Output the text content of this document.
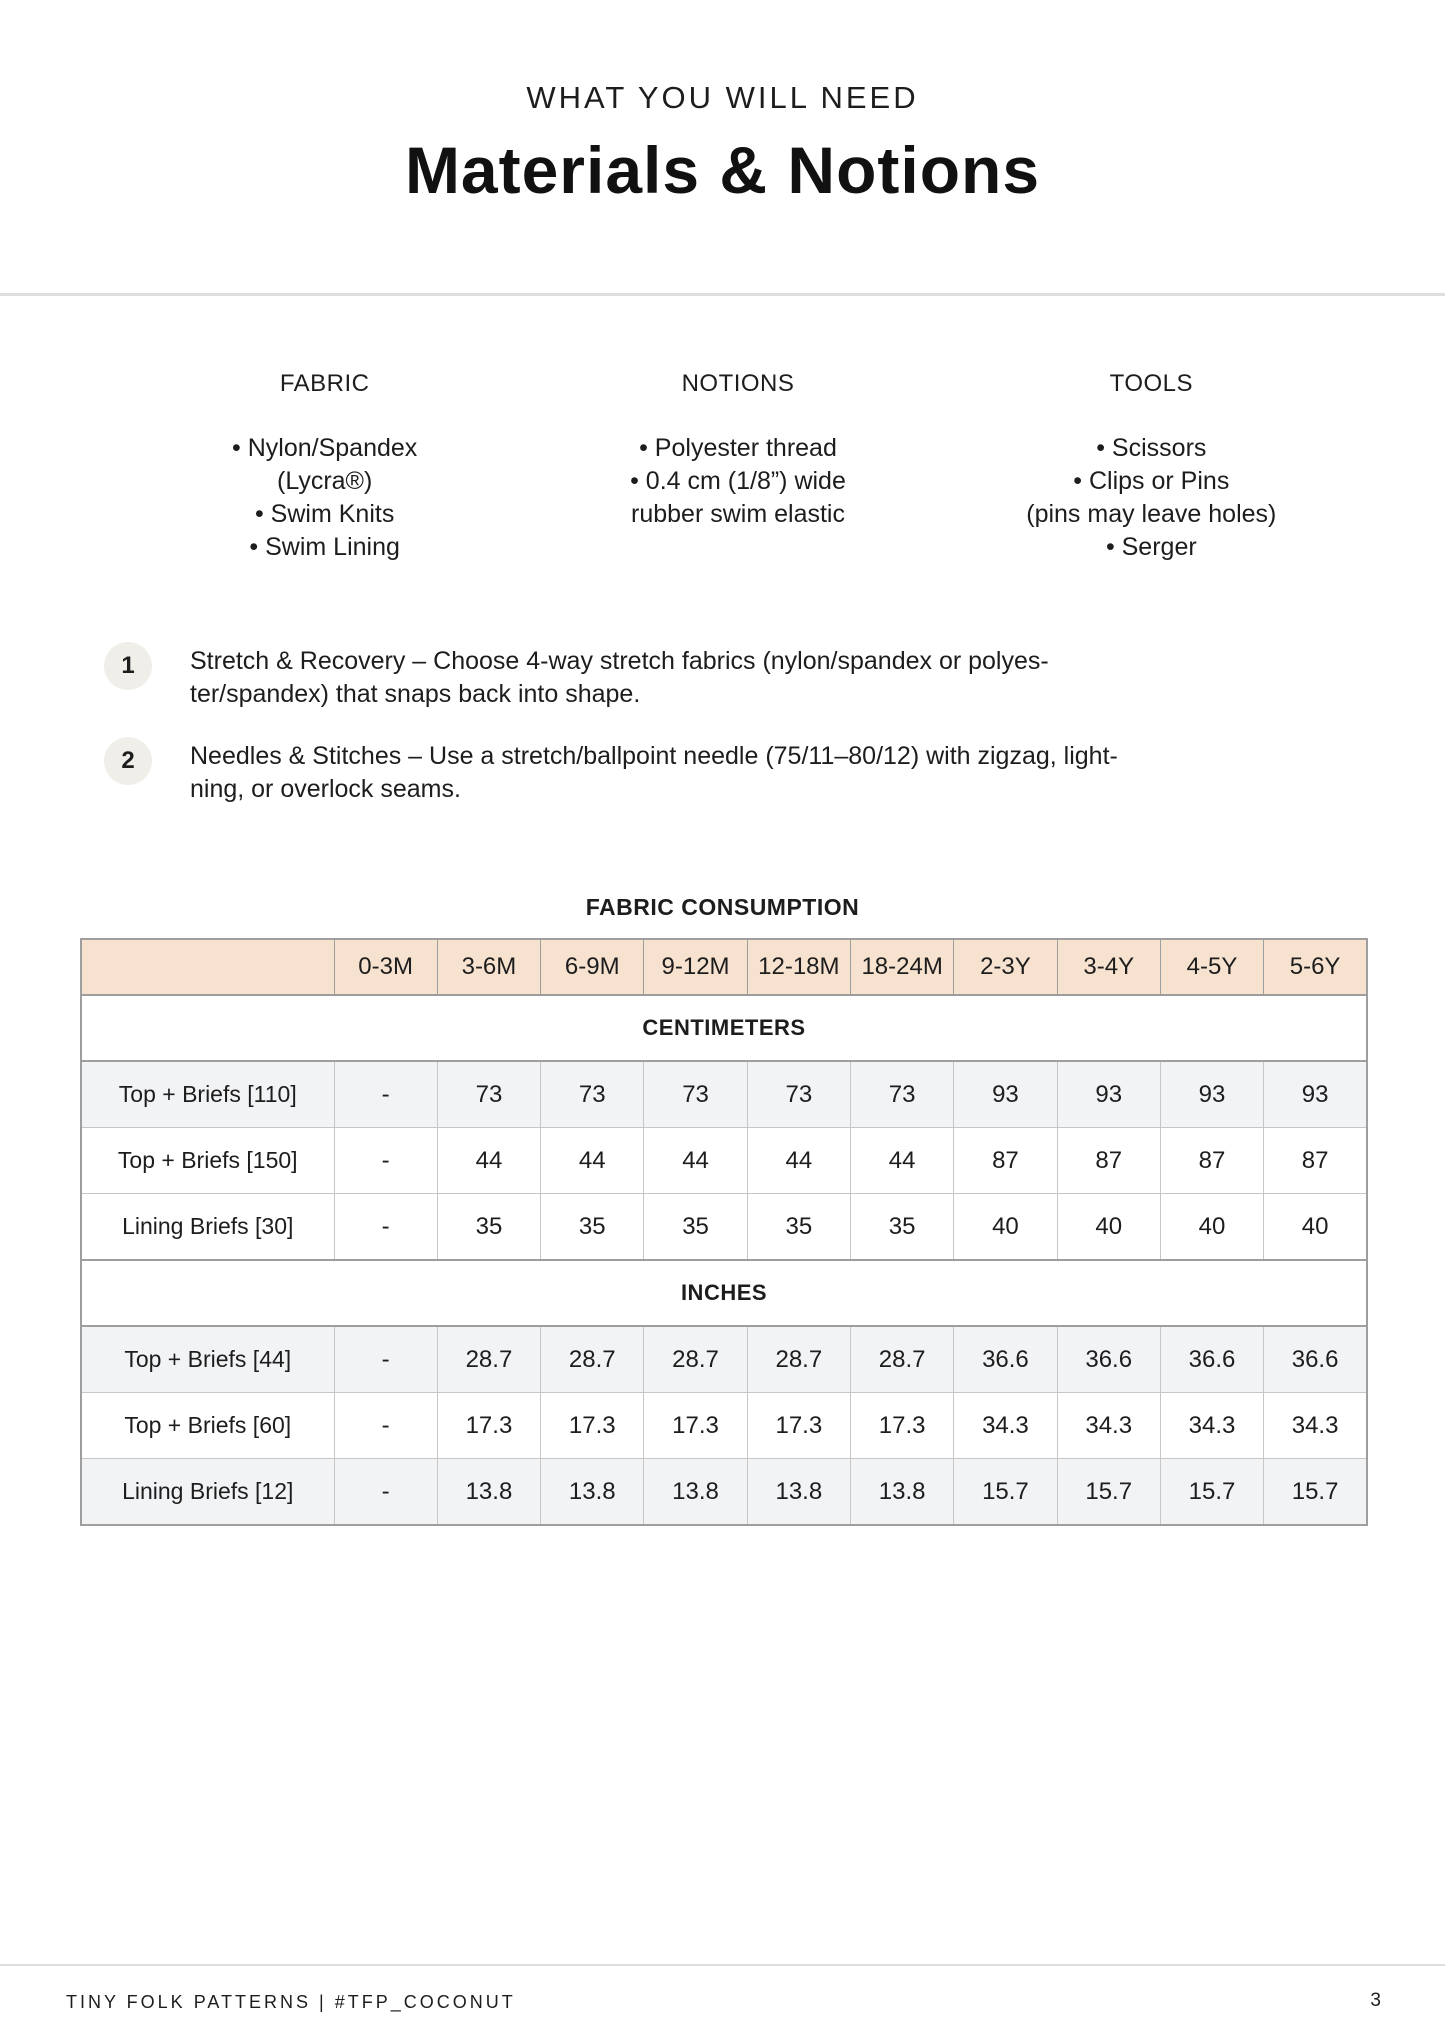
WHAT YOU WILL NEED
Materials & Notions
FABRIC
• Nylon/Spandex
(Lycra®)
• Swim Knits
• Swim Lining
NOTIONS
• Polyester thread
• 0.4 cm (1/8”) wide
rubber swim elastic
TOOLS
• Scissors
• Clips or Pins
(pins may leave holes)
• Serger
1	Stretch & Recovery – Choose 4-way stretch fabrics (nylon/spandex or polyes-
ter/spandex) that snaps back into shape.
2	Needles & Stitches – Use a stretch/ballpoint needle (75/11–80/12) with zigzag, light-
ning, or overlock seams.
FABRIC CONSUMPTION
	0-3M	3-6M	6-9M	9-12M	12-18M	18-24M	2-3Y	3-4Y	4-5Y	5-6Y
CENTIMETERS										
Top + Briefs [110]	-	73	73	73	73	73	93	93	93	93
Top + Briefs [150]	-	44	44	44	44	44	87	87	87	87
Lining Briefs [30]	-	35	35	35	35	35	40	40	40	40
INCHES										
Top + Briefs [44]	-	28.7	28.7	28.7	28.7	28.7	36.6	36.6	36.6	36.6
Top + Briefs [60]	-	17.3	17.3	17.3	17.3	17.3	34.3	34.3	34.3	34.3
Lining Briefs [12]	-	13.8	13.8	13.8	13.8	13.8	15.7	15.7	15.7	15.7
TINY FOLK PATTERNS | #TFP_COCONUT	3
